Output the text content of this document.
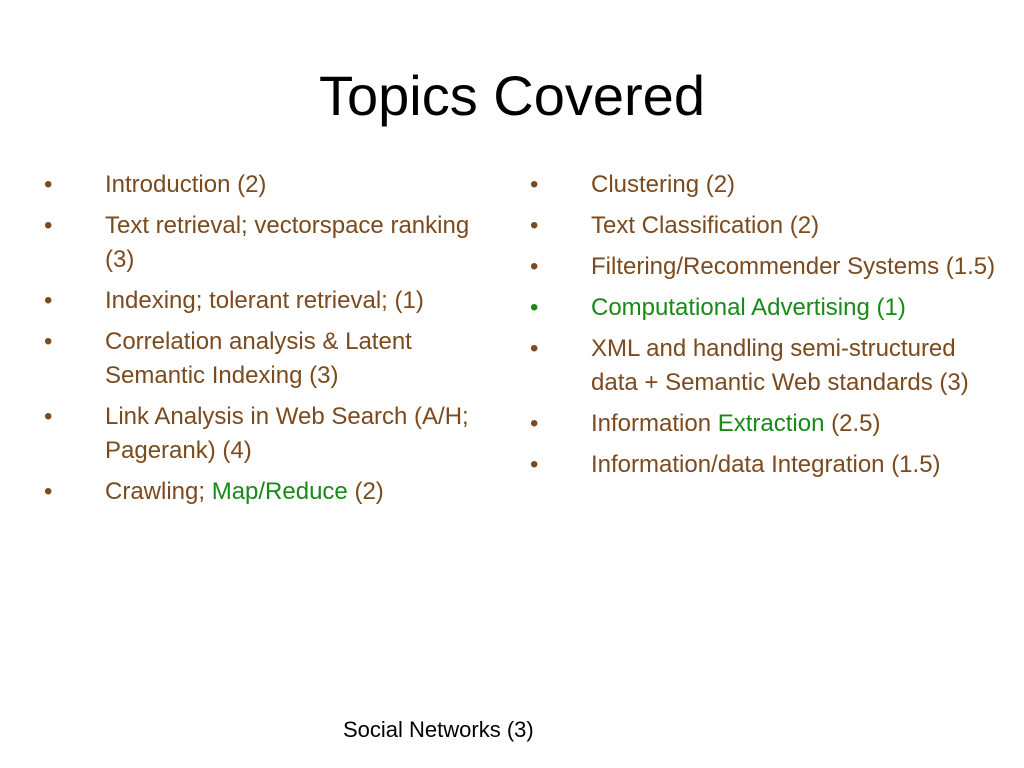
Topics Covered
• Introduction (2)
• Text retrieval; vectorspace ranking (3)
• Indexing; tolerant retrieval; (1)
• Correlation analysis & Latent Semantic Indexing (3)
• Link Analysis in Web Search (A/H; Pagerank) (4)
• Crawling; Map/Reduce (2)
• Clustering (2)
• Text Classification (2)
• Filtering/Recommender Systems (1.5)
• Computational Advertising (1)
• XML and handling semi-structured data + Semantic Web standards (3)
• Information Extraction (2.5)
• Information/data Integration (1.5)
Social Networks (3)
